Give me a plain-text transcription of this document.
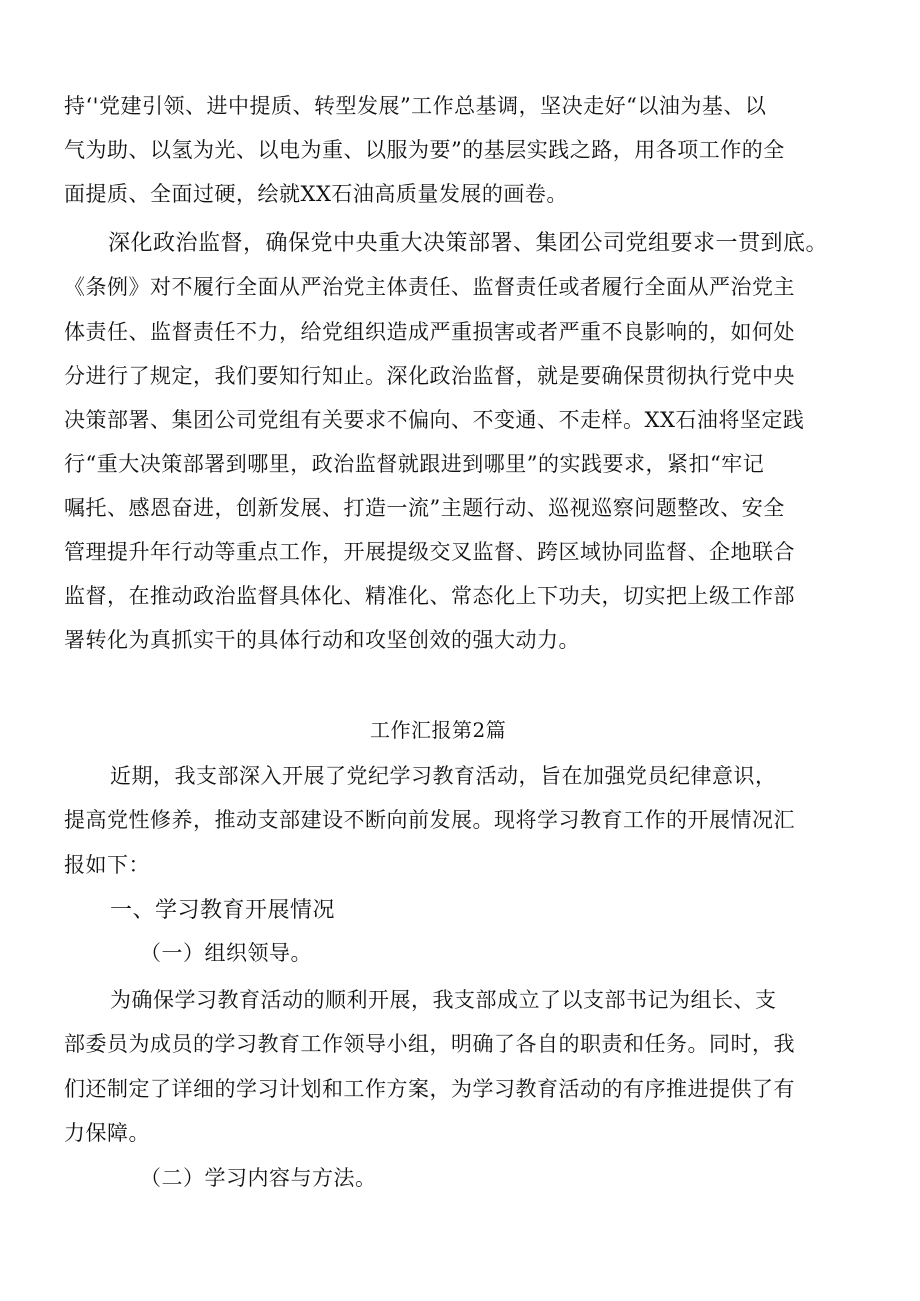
持‘'党建引领、进中提质、转型发展”工作总基调，坚决走好“以油为基、以
气为助、以氢为光、以电为重、以服为要”的基层实践之路，用各项工作的全
面提质、全面过硬，绘就XX石油高质量发展的画卷。
深化政治监督，确保党中央重大决策部署、集团公司党组要求一贯到底。
《条例》对不履行全面从严治党主体责任、监督责任或者履行全面从严治党主
体责任、监督责任不力，给党组织造成严重损害或者严重不良影响的，如何处
分进行了规定，我们要知行知止。深化政治监督，就是要确保贯彻执行党中央
决策部署、集团公司党组有关要求不偏向、不变通、不走样。XX石油将坚定践
行“重大决策部署到哪里，政治监督就跟进到哪里”的实践要求，紧扣“牢记
嘱托、感恩奋进，创新发展、打造一流”主题行动、巡视巡察问题整改、安全
管理提升年行动等重点工作，开展提级交叉监督、跨区域协同监督、企地联合
监督，在推动政治监督具体化、精准化、常态化上下功夫，切实把上级工作部
署转化为真抓实干的具体行动和攻坚创效的强大动力。
工作汇报第2篇
近期，我支部深入开展了党纪学习教育活动，旨在加强党员纪律意识，
提高党性修养，推动支部建设不断向前发展。现将学习教育工作的开展情况汇
报如下：
一、学习教育开展情况
（一）组织领导。
为确保学习教育活动的顺利开展，我支部成立了以支部书记为组长、支
部委员为成员的学习教育工作领导小组，明确了各自的职责和任务。同时，我
们还制定了详细的学习计划和工作方案，为学习教育活动的有序推进提供了有
力保障。
（二）学习内容与方法。
